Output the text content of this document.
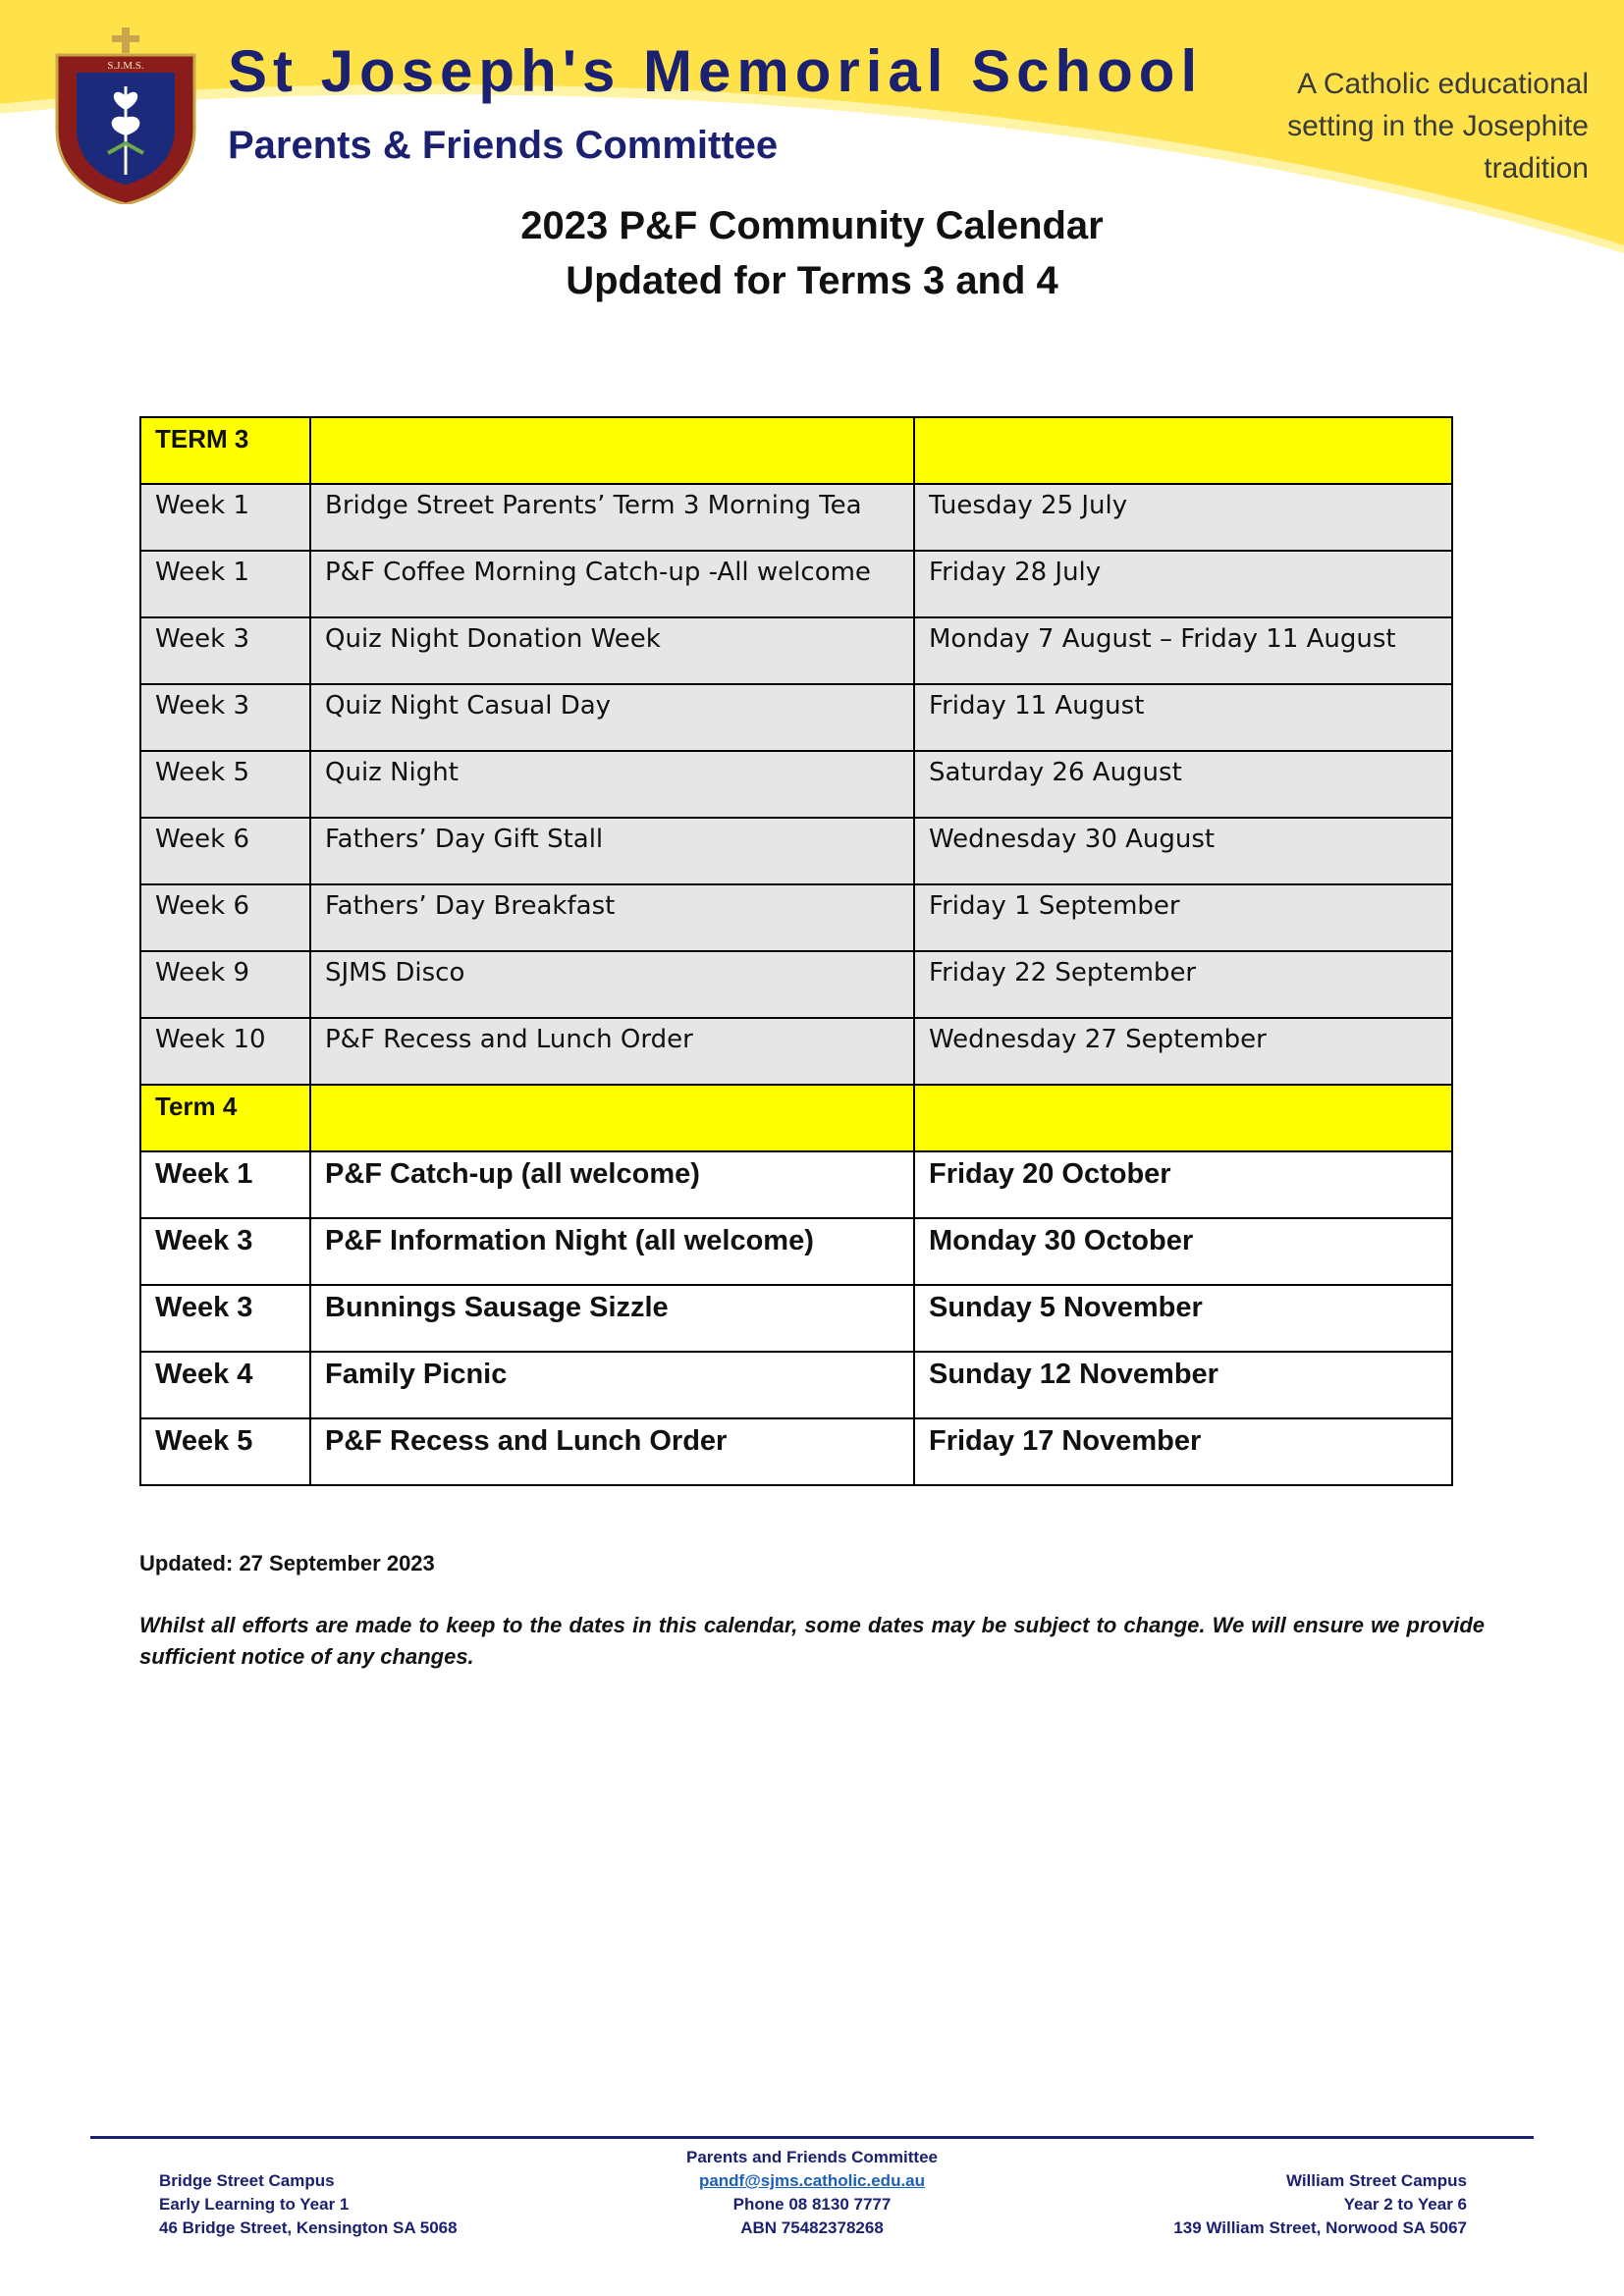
S.J.M.S. St Joseph's Memorial School
Parents & Friends Committee
A Catholic educational
setting in the Josephite
tradition
2023 P&F Community Calendar
Updated for Terms 3 and 4
TERM 3		
Week 1	Bridge Street Parents’ Term 3 Morning Tea	Tuesday 25 July
Week 1	P&F Coffee Morning Catch-up -All welcome	Friday 28 July
Week 3	Quiz Night Donation Week	Monday 7 August – Friday 11 August
Week 3	Quiz Night Casual Day	Friday 11 August
Week 5	Quiz Night	Saturday 26 August
Week 6	Fathers’ Day Gift Stall	Wednesday 30 August
Week 6	Fathers’ Day Breakfast	Friday 1 September
Week 9	SJMS Disco	Friday 22 September
Week 10	P&F Recess and Lunch Order	Wednesday 27 September
Term 4		
Week 1	P&F Catch-up (all welcome)	Friday 20 October
Week 3	P&F Information Night (all welcome)	Monday 30 October
Week 3	Bunnings Sausage Sizzle	Sunday 5 November
Week 4	Family Picnic	Sunday 12 November
Week 5	P&F Recess and Lunch Order	Friday 17 November
Updated: 27 September 2023
Whilst all efforts are made to keep to the dates in this calendar, some dates may be subject to change. We will ensure we provide sufficient notice of any changes.
Bridge Street Campus
Early Learning to Year 1
46 Bridge Street, Kensington SA 5068
Parents and Friends Committee
pandf@sjms.catholic.edu.au
Phone 08 8130 7777
ABN 75482378268
William Street Campus
Year 2 to Year 6
139 William Street, Norwood SA 5067
